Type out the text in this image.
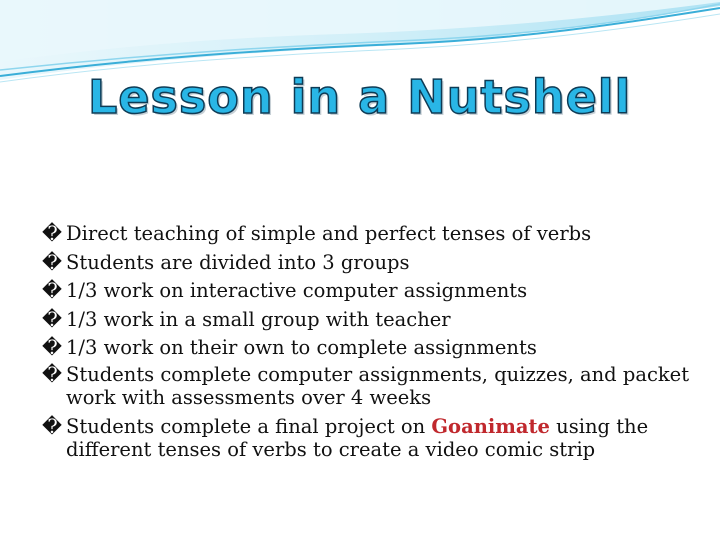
Lesson in a Nutshell
� Direct teaching of simple and perfect tenses of verbs
� Students are divided into 3 groups
� 1/3 work on interactive computer assignments
� 1/3 work in a small group with teacher
� 1/3 work on their own to complete assignments
� Students complete computer assignments, quizzes, and packet work with assessments over 4 weeks
� Students complete a final project on Goanimate using the different tenses of verbs to create a video comic strip
